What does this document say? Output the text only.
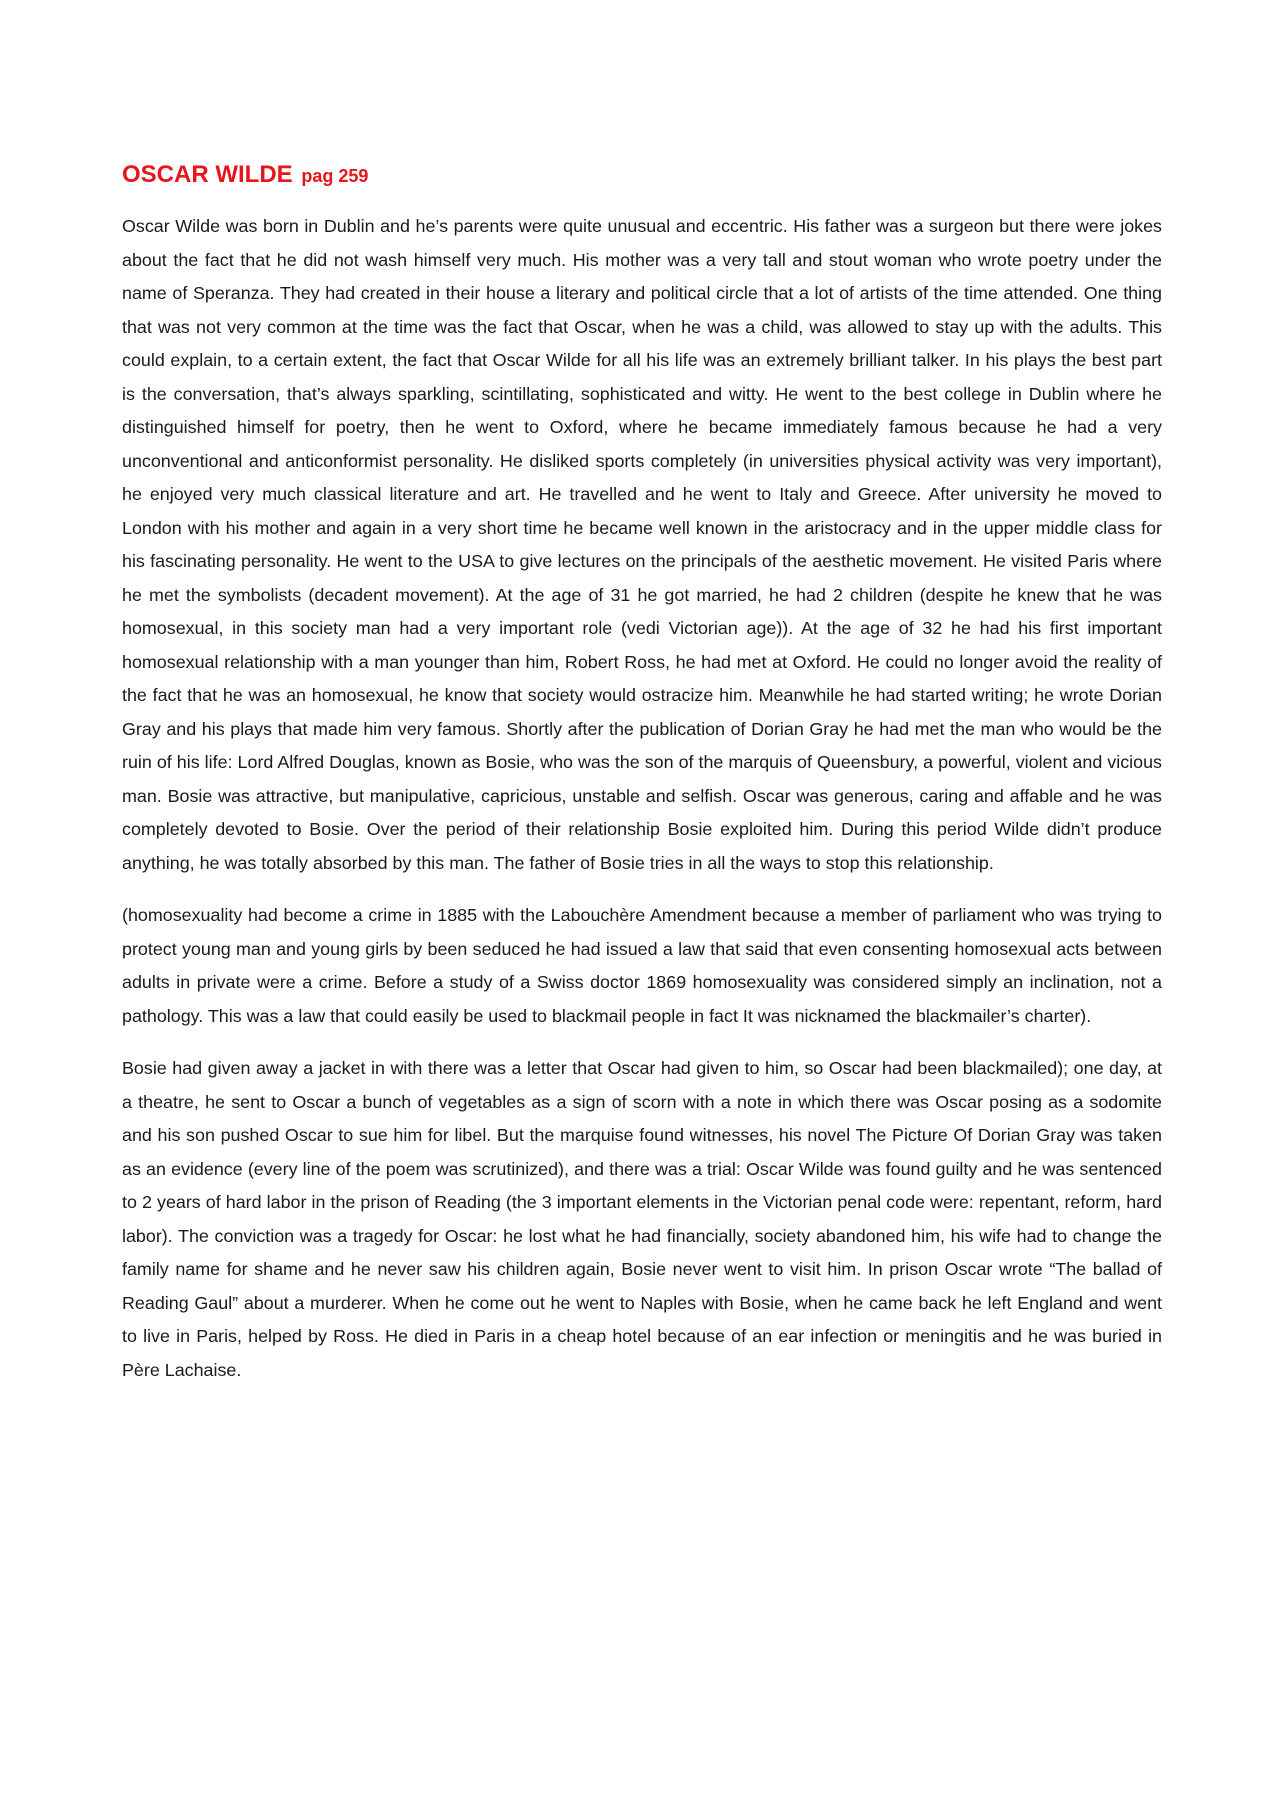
OSCAR WILDE pag 259

Oscar Wilde was born in Dublin and he’s parents were quite unusual and eccentric. His father was a surgeon but there were jokes about the fact that he did not wash himself very much. His mother was a very tall and stout woman who wrote poetry under the name of Speranza. They had created in their house a literary and political circle that a lot of artists of the time attended. One thing that was not very common at the time was the fact that Oscar, when he was a child, was allowed to stay up with the adults. This could explain, to a certain extent, the fact that Oscar Wilde for all his life was an extremely brilliant talker. In his plays the best part is the conversation, that’s always sparkling, scintillating, sophisticated and witty. He went to the best college in Dublin where he distinguished himself for poetry, then he went to Oxford, where he became immediately famous because he had a very unconventional and anticonformist personality. He disliked sports completely (in universities physical activity was very important), he enjoyed very much classical literature and art. He travelled and he went to Italy and Greece. After university he moved to London with his mother and again in a very short time he became well known in the aristocracy and in the upper middle class for his fascinating personality. He went to the USA to give lectures on the principals of the aesthetic movement. He visited Paris where he met the symbolists (decadent movement). At the age of 31 he got married, he had 2 children (despite he knew that he was homosexual, in this society man had a very important role (vedi Victorian age)). At the age of 32 he had his first important homosexual relationship with a man younger than him, Robert Ross, he had met at Oxford. He could no longer avoid the reality of the fact that he was an homosexual, he know that society would ostracize him. Meanwhile he had started writing; he wrote Dorian Gray and his plays that made him very famous. Shortly after the publication of Dorian Gray he had met the man who would be the ruin of his life: Lord Alfred Douglas, known as Bosie, who was the son of the marquis of Queensbury, a powerful, violent and vicious man. Bosie was attractive, but manipulative, capricious, unstable and selfish. Oscar was generous, caring and affable and he was completely devoted to Bosie. Over the period of their relationship Bosie exploited him. During this period Wilde didn’t produce anything, he was totally absorbed by this man. The father of Bosie tries in all the ways to stop this relationship.

(homosexuality had become a crime in 1885 with the Labouchère Amendment because a member of parliament who was trying to protect young man and young girls by been seduced he had issued a law that said that even consenting homosexual acts between adults in private were a crime. Before a study of a Swiss doctor 1869 homosexuality was considered simply an inclination, not a pathology. This was a law that could easily be used to blackmail people in fact It was nicknamed the blackmailer’s charter).

Bosie had given away a jacket in with there was a letter that Oscar had given to him, so Oscar had been blackmailed); one day, at a theatre, he sent to Oscar a bunch of vegetables as a sign of scorn with a note in which there was Oscar posing as a sodomite and his son pushed Oscar to sue him for libel. But the marquise found witnesses, his novel The Picture Of Dorian Gray was taken as an evidence (every line of the poem was scrutinized), and there was a trial: Oscar Wilde was found guilty and he was sentenced to 2 years of hard labor in the prison of Reading (the 3 important elements in the Victorian penal code were: repentant, reform, hard labor). The conviction was a tragedy for Oscar: he lost what he had financially, society abandoned him, his wife had to change the family name for shame and he never saw his children again, Bosie never went to visit him. In prison Oscar wrote “The ballad of Reading Gaul” about a murderer. When he come out he went to Naples with Bosie, when he came back he left England and went to live in Paris, helped by Ross. He died in Paris in a cheap hotel because of an ear infection or meningitis and he was buried in Père Lachaise.
